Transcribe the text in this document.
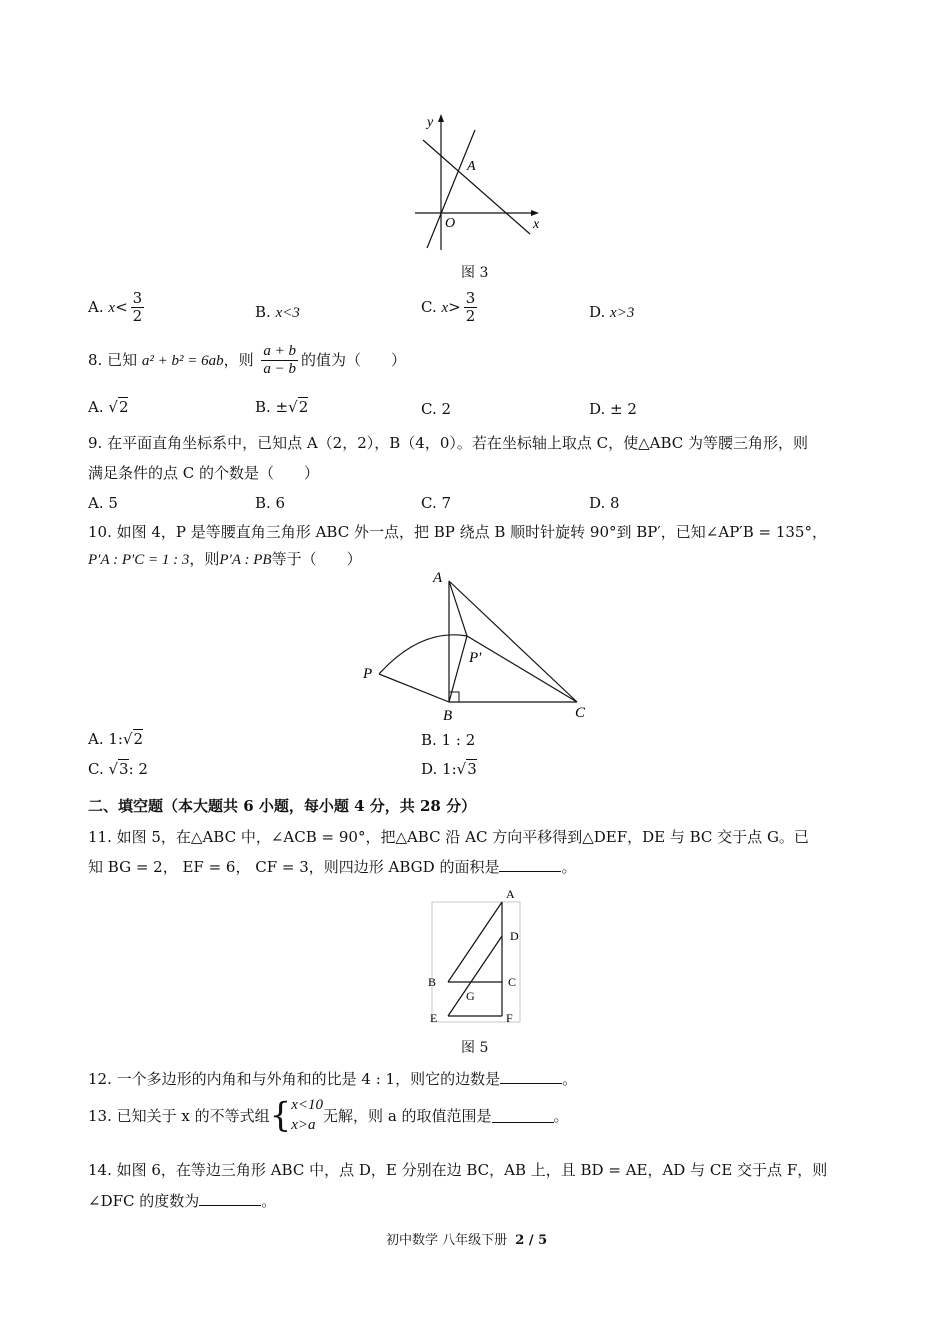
y
x
O
A
图 3
A. $x< \frac{3}{2}$	B. x<3	C. $x> \frac{3}{2}$	D. x>3
8. 已知 a² + b² = 6ab，则 $\frac{a + b}{a - b}$ 的值为（　　）
A. √2	B. ±√2	C. 2	D. ± 2
9. 在平面直角坐标系中，已知点 A（2，2），B（4，0）。若在坐标轴上取点 C，使△ABC 为等腰三角形，则
满足条件的点 C 的个数是（　　）
A. 5	B. 6	C. 7	D. 8
10. 如图 4，P 是等腰直角三角形 ABC 外一点，把 BP 绕点 B 顺时针旋转 90°到 BP′，已知∠AP′B = 135°，
P′A : P′C = 1 : 3，则P′A : PB等于（　　）
A
B	C
P
P′
A. 1:√2	B. 1 : 2
C. √3: 2	D. 1:√3
二、填空题（本大题共 6 小题，每小题 4 分，共 28 分）
11. 如图 5，在△ABC 中，∠ACB = 90°，把△ABC 沿 AC 方向平移得到△DEF，DE 与 BC 交于点 G。已
知 BG = 2， EF = 6， CF = 3，则四边形 ABGD 的面积是	。
A
D
B	C
G
E	F
图 5
12. 一个多边形的内角和与外角和的比是 4 : 1，则它的边数是	。
13. 已知关于 x 的不等式组{x<10
x>a无解，则 a 的取值范围是	。
14. 如图 6，在等边三角形 ABC 中，点 D，E 分别在边 BC，AB 上，且 BD = AE，AD 与 CE 交于点 F，则
∠DFC 的度数为	。
初中数学 八年级下册 2 / 5
